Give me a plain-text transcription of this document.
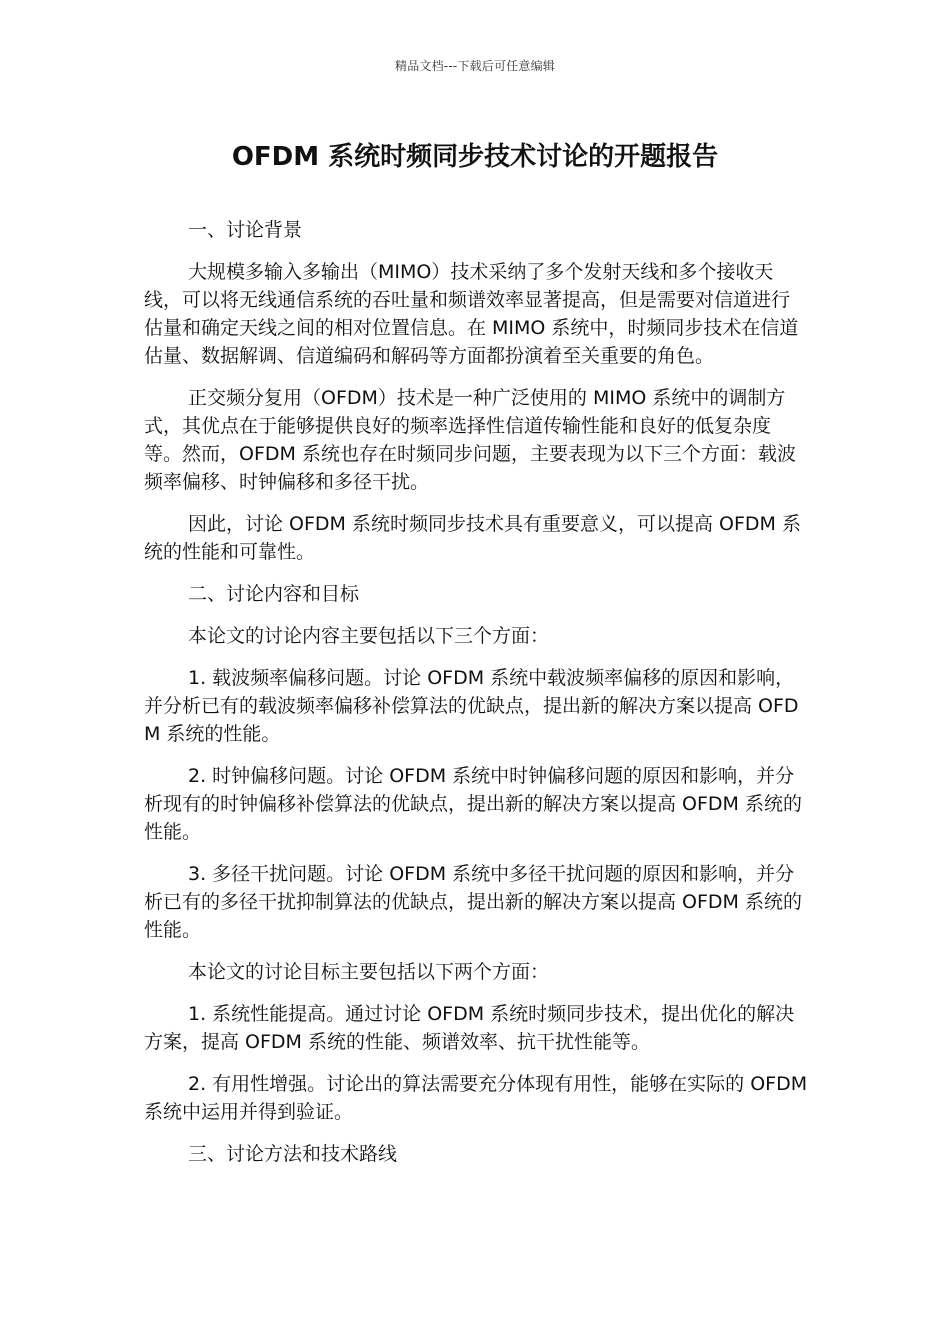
精品文档---下载后可任意编辑
OFDM 系统时频同步技术讨论的开题报告

一、讨论背景

大规模多输入多输出（MIMO）技术采纳了多个发射天线和多个接收天线，可以将无线通信系统的吞吐量和频谱效率显著提高，但是需要对信道进行估量和确定天线之间的相对位置信息。在 MIMO 系统中，时频同步技术在信道估量、数据解调、信道编码和解码等方面都扮演着至关重要的角色。

正交频分复用（OFDM）技术是一种广泛使用的 MIMO 系统中的调制方式，其优点在于能够提供良好的频率选择性信道传输性能和良好的低复杂度等。然而，OFDM 系统也存在时频同步问题，主要表现为以下三个方面：载波频率偏移、时钟偏移和多径干扰。

因此，讨论 OFDM 系统时频同步技术具有重要意义，可以提高 OFDM 系统的性能和可靠性。

二、讨论内容和目标

本论文的讨论内容主要包括以下三个方面：

1. 载波频率偏移问题。讨论 OFDM 系统中载波频率偏移的原因和影响，并分析已有的载波频率偏移补偿算法的优缺点，提出新的解决方案以提高 OFDM 系统的性能。

2. 时钟偏移问题。讨论 OFDM 系统中时钟偏移问题的原因和影响，并分析现有的时钟偏移补偿算法的优缺点，提出新的解决方案以提高 OFDM 系统的性能。

3. 多径干扰问题。讨论 OFDM 系统中多径干扰问题的原因和影响，并分析已有的多径干扰抑制算法的优缺点，提出新的解决方案以提高 OFDM 系统的性能。

本论文的讨论目标主要包括以下两个方面：

1. 系统性能提高。通过讨论 OFDM 系统时频同步技术，提出优化的解决方案，提高 OFDM 系统的性能、频谱效率、抗干扰性能等。

2. 有用性增强。讨论出的算法需要充分体现有用性，能够在实际的 OFDM 系统中运用并得到验证。

三、讨论方法和技术路线
